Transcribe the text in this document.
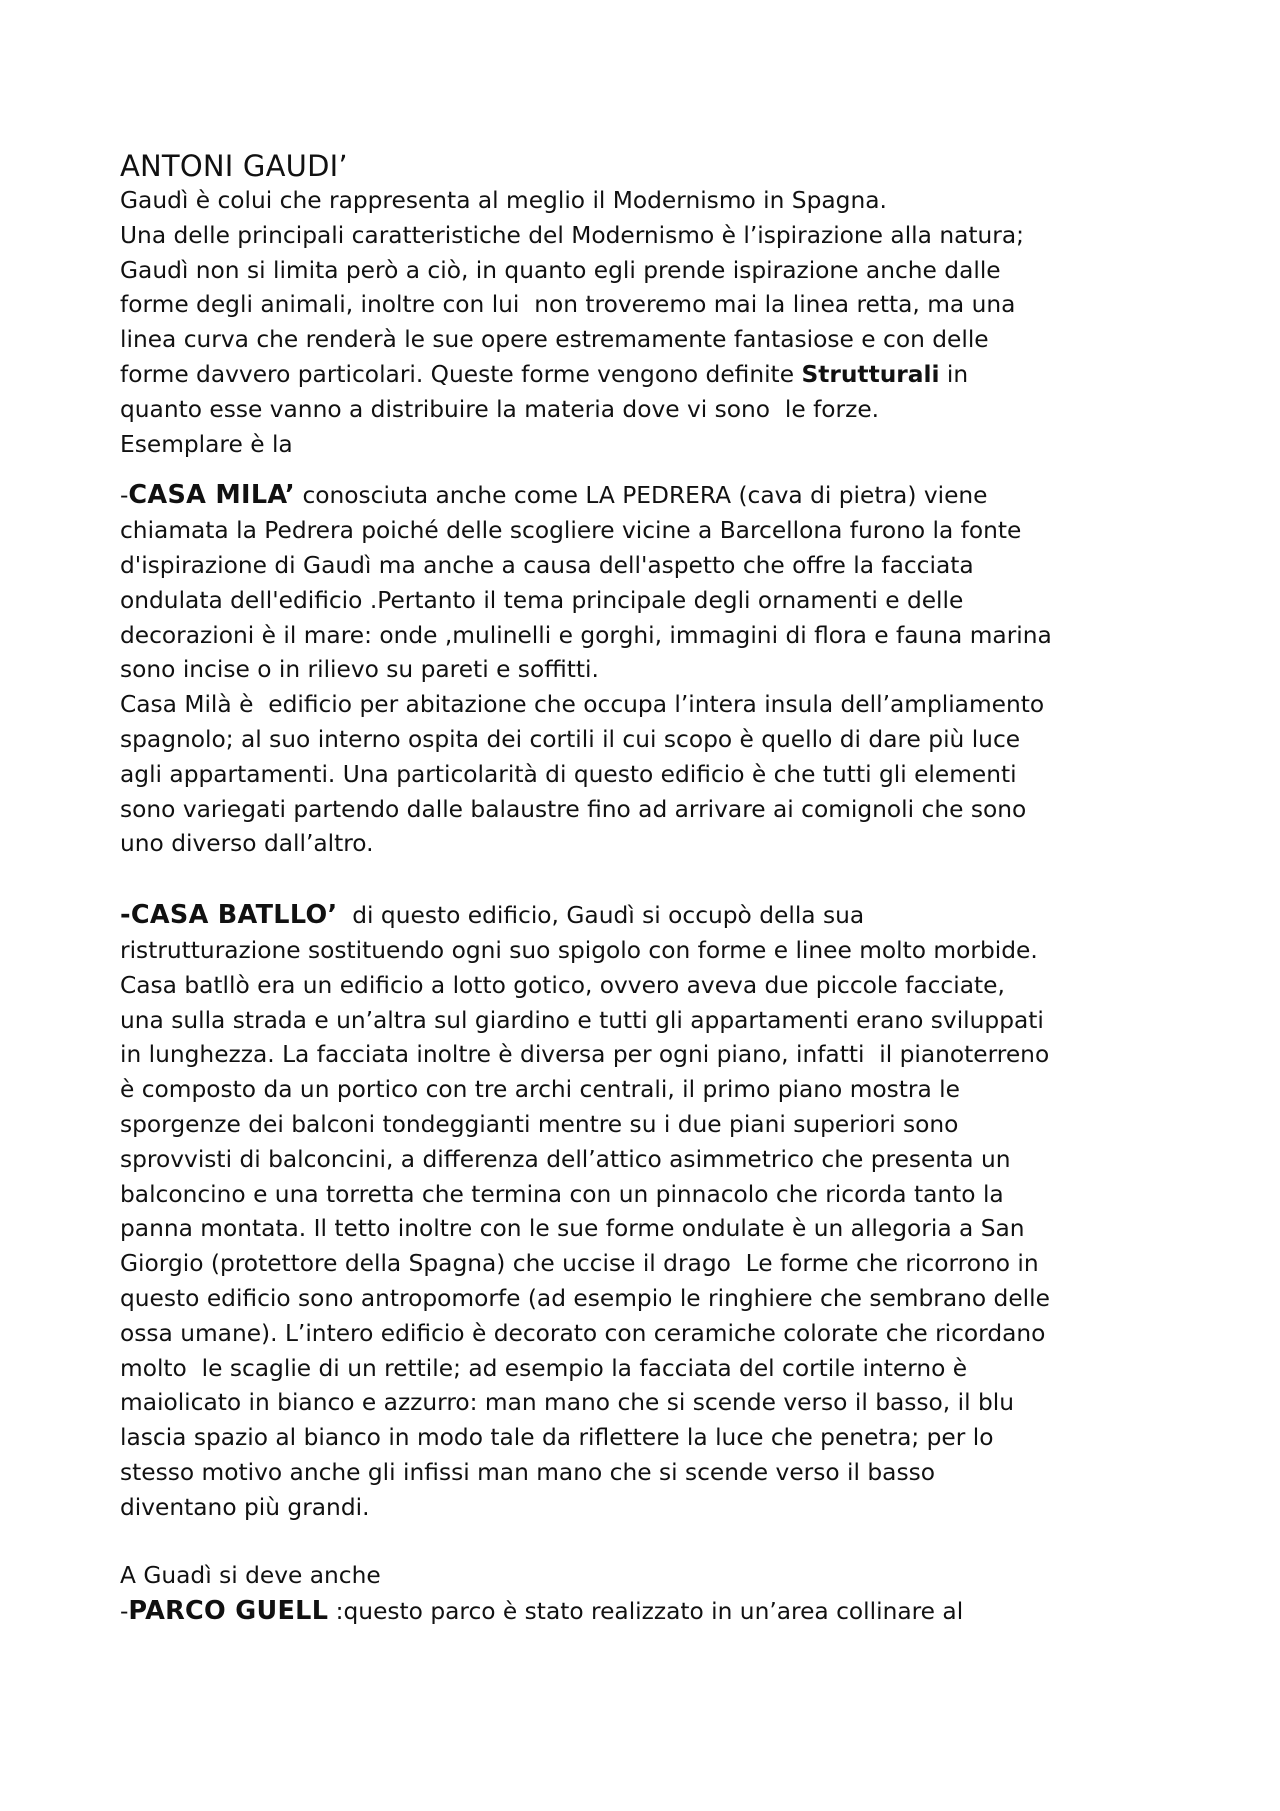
ANTONI GAUDI’
Gaudì è colui che rappresenta al meglio il Modernismo in Spagna.
Una delle principali caratteristiche del Modernismo è l’ispirazione alla natura;
Gaudì non si limita però a ciò, in quanto egli prende ispirazione anche dalle
forme degli animali, inoltre con lui  non troveremo mai la linea retta, ma una
linea curva che renderà le sue opere estremamente fantasiose e con delle
forme davvero particolari. Queste forme vengono definite Strutturali in
quanto esse vanno a distribuire la materia dove vi sono  le forze.
Esemplare è la
-CASA MILA’ conosciuta anche come LA PEDRERA (cava di pietra) viene
chiamata la Pedrera poiché delle scogliere vicine a Barcellona furono la fonte
d'ispirazione di Gaudì ma anche a causa dell'aspetto che offre la facciata
ondulata dell'edificio .Pertanto il tema principale degli ornamenti e delle
decorazioni è il mare: onde ,mulinelli e gorghi, immagini di flora e fauna marina
sono incise o in rilievo su pareti e soffitti.
Casa Milà è  edificio per abitazione che occupa l’intera insula dell’ampliamento
spagnolo; al suo interno ospita dei cortili il cui scopo è quello di dare più luce
agli appartamenti. Una particolarità di questo edificio è che tutti gli elementi
sono variegati partendo dalle balaustre fino ad arrivare ai comignoli che sono
uno diverso dall’altro.
-CASA BATLLO’  di questo edificio, Gaudì si occupò della sua
ristrutturazione sostituendo ogni suo spigolo con forme e linee molto morbide.
Casa batllò era un edificio a lotto gotico, ovvero aveva due piccole facciate,
una sulla strada e un’altra sul giardino e tutti gli appartamenti erano sviluppati
in lunghezza. La facciata inoltre è diversa per ogni piano, infatti  il pianoterreno
è composto da un portico con tre archi centrali, il primo piano mostra le
sporgenze dei balconi tondeggianti mentre su i due piani superiori sono
sprovvisti di balconcini, a differenza dell’attico asimmetrico che presenta un
balconcino e una torretta che termina con un pinnacolo che ricorda tanto la
panna montata. Il tetto inoltre con le sue forme ondulate è un allegoria a San
Giorgio (protettore della Spagna) che uccise il drago  Le forme che ricorrono in
questo edificio sono antropomorfe (ad esempio le ringhiere che sembrano delle
ossa umane). L’intero edificio è decorato con ceramiche colorate che ricordano
molto  le scaglie di un rettile; ad esempio la facciata del cortile interno è
maiolicato in bianco e azzurro: man mano che si scende verso il basso, il blu
lascia spazio al bianco in modo tale da riflettere la luce che penetra; per lo
stesso motivo anche gli infissi man mano che si scende verso il basso
diventano più grandi.
A Guadì si deve anche
-PARCO GUELL :questo parco è stato realizzato in un’area collinare al
